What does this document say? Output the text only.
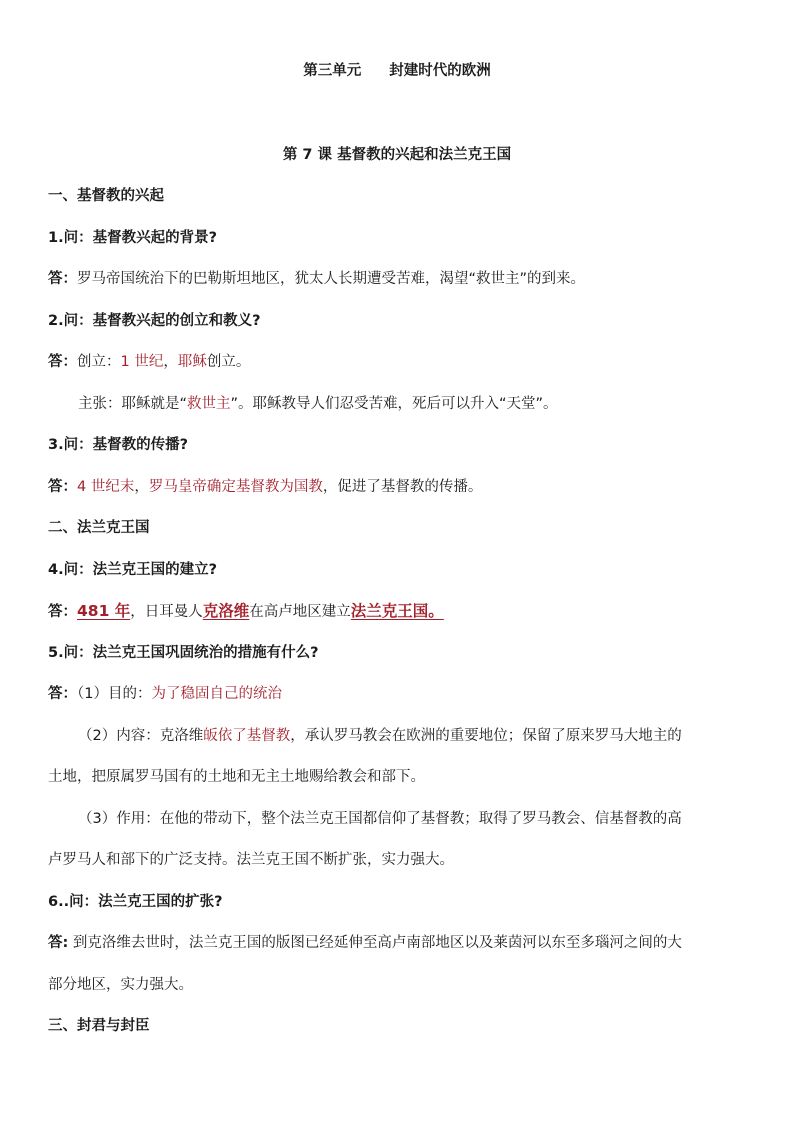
第三单元 封建时代的欧洲
第 7 课 基督教的兴起和法兰克王国
一、基督教的兴起
1.问：基督教兴起的背景?
答：罗马帝国统治下的巴勒斯坦地区，犹太人长期遭受苦难，渴望“救世主”的到来。
2.问：基督教兴起的创立和教义?
答：创立：1 世纪，耶稣创立。
主张：耶稣就是“救世主”。耶稣教导人们忍受苦难，死后可以升入“天堂”。
3.问：基督教的传播?
答：4 世纪末，罗马皇帝确定基督教为国教，促进了基督教的传播。
二、法兰克王国
4.问：法兰克王国的建立?
答：481 年，日耳曼人克洛维在高卢地区建立法兰克王国。
5.问：法兰克王国巩固统治的措施有什么?
答：（1）目的：为了稳固自己的统治
（2）内容：克洛维皈依了基督教，承认罗马教会在欧洲的重要地位；保留了原来罗马大地主的
土地，把原属罗马国有的土地和无主土地赐给教会和部下。
（3）作用：在他的带动下，整个法兰克王国都信仰了基督教；取得了罗马教会、信基督教的高
卢罗马人和部下的广泛支持。法兰克王国不断扩张，实力强大。
6..问：法兰克王国的扩张?
答: 到克洛维去世时，法兰克王国的版图已经延伸至高卢南部地区以及莱茵河以东至多瑙河之间的大
部分地区，实力强大。
三、封君与封臣
